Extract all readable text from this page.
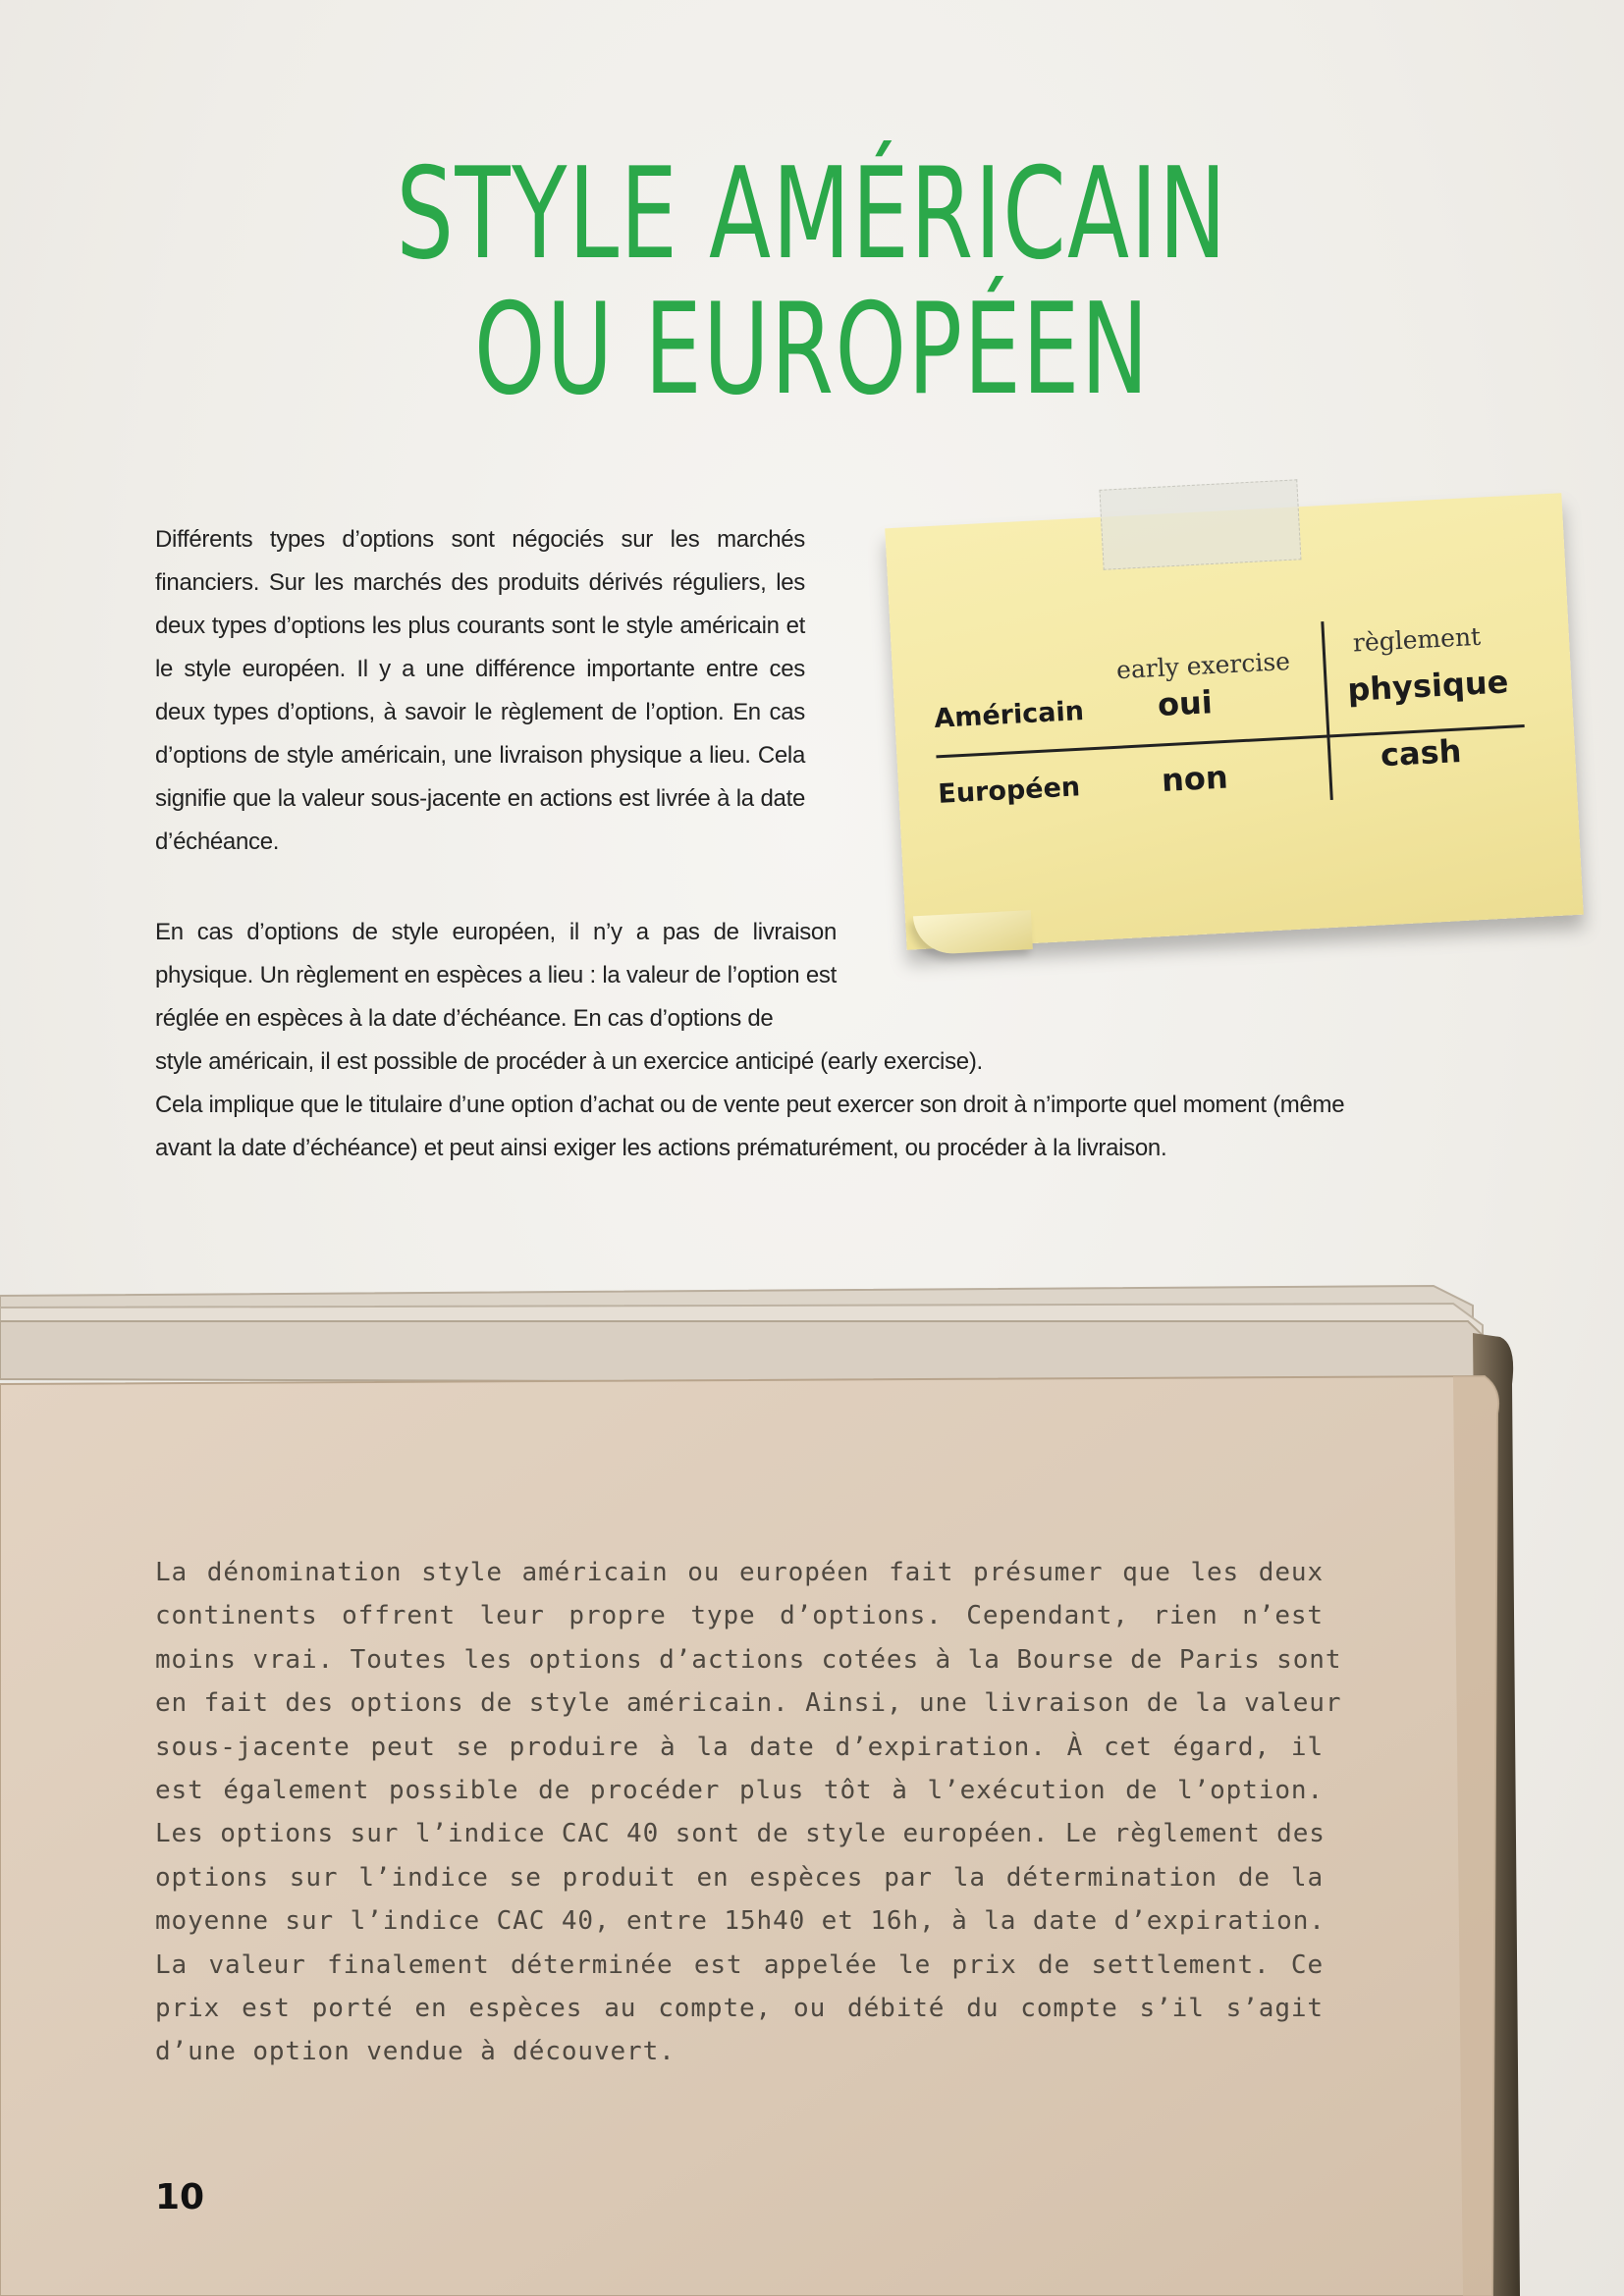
STYLE AMÉRICAIN
OU EUROPÉEN
Différents types d’options sont négociés sur les marchés financiers. Sur les marchés des produits dérivés réguliers, les deux types d’options les plus courants sont le style américain et le style européen. Il y a une différence importante entre ces deux types d’options, à savoir le règlement de l’option. En cas d’options de style américain, une livraison physique a lieu. Cela signifie que la valeur sous-jacente en actions est livrée à la date d’échéance.
En cas d’options de style européen, il n’y a pas de livraison physique. Un règlement en espèces a lieu : la valeur de l’option est réglée en espèces à la date d’échéance. En cas d’options de
style américain, il est possible de procéder à un exercice anticipé (early exercise).
Cela implique que le titulaire d’une option d’achat ou de vente peut exercer son droit à n’importe quel moment (même
avant la date d’échéance) et peut ainsi exiger les actions prématurément, ou procéder à la livraison.
early exercise
règlement
Américain oui	physique
Européen	non
cash
La dénomination style américain ou européen fait présumer que les deux
continents offrent leur propre type d’options. Cependant, rien n’est
moins vrai. Toutes les options d’actions cotées à la Bourse de Paris sont
en fait des options de style américain. Ainsi, une livraison de la valeur
sous-jacente peut se produire à la date d’expiration. À cet égard, il
est également possible de procéder plus tôt à l’exécution de l’option.
Les options sur l’indice CAC 40 sont de style européen. Le règlement des
options sur l’indice se produit en espèces par la détermination de la
moyenne sur l’indice CAC 40, entre 15h40 et 16h, à la date d’expiration.
La valeur finalement déterminée est appelée le prix de settlement. Ce
prix est porté en espèces au compte, ou débité du compte s’il s’agit
d’une option vendue à découvert.
10
